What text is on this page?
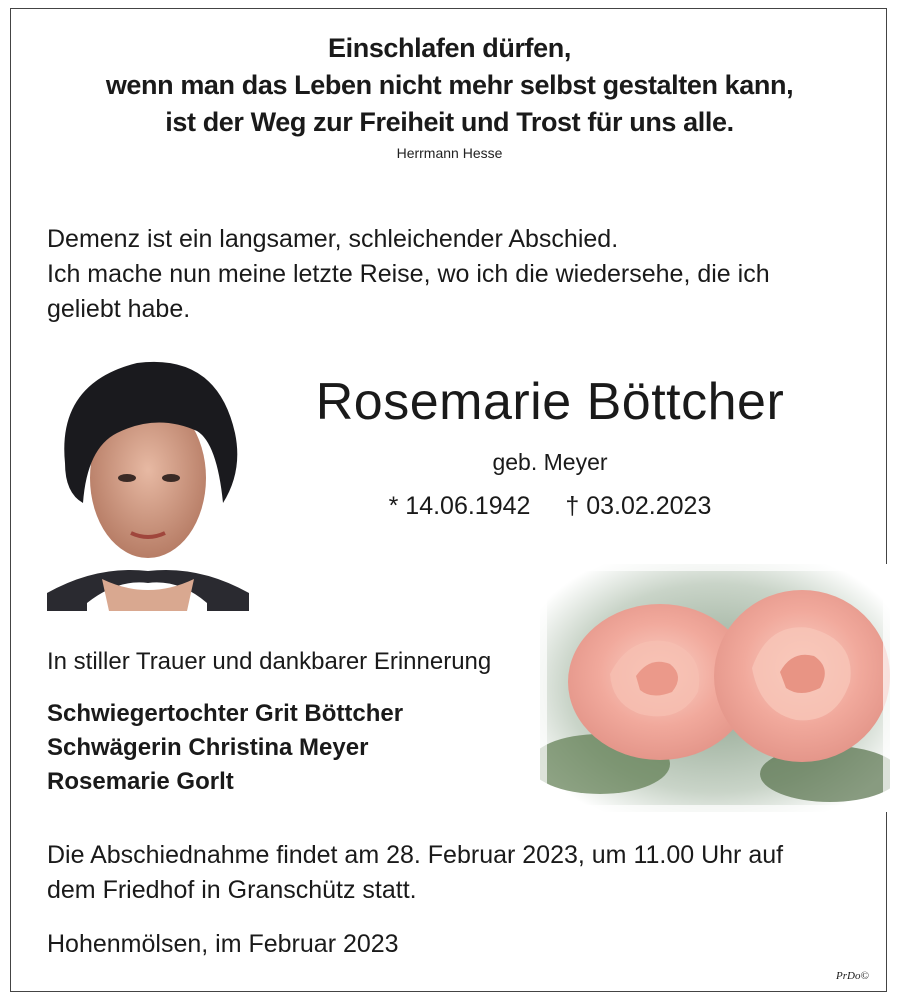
Einschlafen dürfen,
wenn man das Leben nicht mehr selbst gestalten kann,
ist der Weg zur Freiheit und Trost für uns alle.
Herrmann Hesse

Demenz ist ein langsamer, schleichender Abschied.

Ich mache nun meine letzte Reise, wo ich die wiedersehe, die ich

geliebt habe.

Rosemarie Böttcher
geb. Meyer
* 14.06.1942 † 03.02.2023
In stiller Trauer und dankbarer Erinnerung
Schwiegertochter Grit Böttcher
Schwägerin Christina Meyer
Rosemarie Gorlt

Die Abschiednahme findet am 28. Februar 2023, um 11.00 Uhr auf

dem Friedhof in Granschütz statt.

Hohenmölsen, im Februar 2023
PrDo©
